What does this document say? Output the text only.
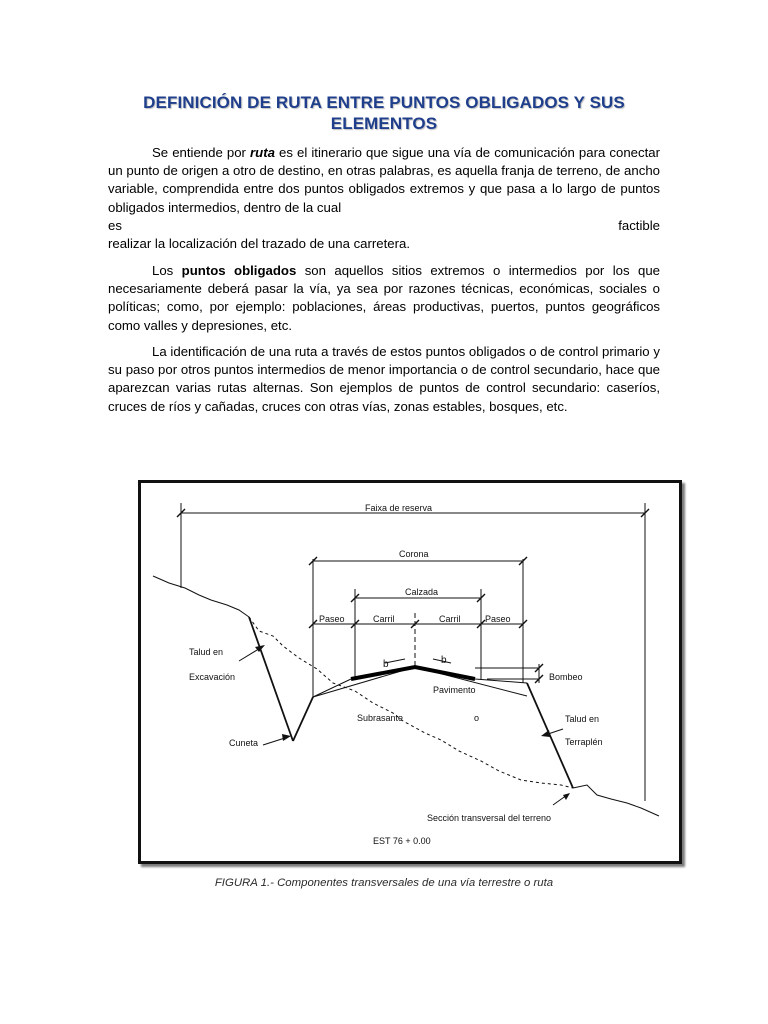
DEFINICIÓN DE RUTA ENTRE PUNTOS OBLIGADOS Y SUS
ELEMENTOS
Se entiende por ruta es el itinerario que sigue una vía de comunicación para conectar un punto de origen a otro de destino, en otras palabras, es aquella franja de terreno, de ancho variable, comprendida entre dos puntos obligados extremos y que pasa a lo largo de puntos obligados intermedios, dentro de la cual
es	factible
realizar la localización del trazado de una carretera.
Los puntos obligados son aquellos sitios extremos o intermedios por los que necesariamente deberá pasar la vía, ya sea por razones técnicas, económicas, sociales o políticas; como, por ejemplo: poblaciones, áreas productivas, puertos, puntos geográficos como valles y depresiones, etc.
La identificación de una ruta a través de estos puntos obligados o de control primario y su paso por otros puntos intermedios de menor importancia o de control secundario, hace que aparezcan varias rutas alternas. Son ejemplos de puntos de control secundario: caseríos, cruces de ríos y cañadas, cruces con otras vías, zonas estables, bosques, etc.
Faixa de reserva
Corona
Calzada
Paseo	Carril	Carril	Paseo
b	b
Bombeo
Pavimento
o
Subrasante
Talud en
Excavación
Cuneta
Talud en
Terraplén
Sección transversal del terreno
EST 76 + 0.00
FIGURA 1.- Componentes transversales de una vía terrestre o ruta
